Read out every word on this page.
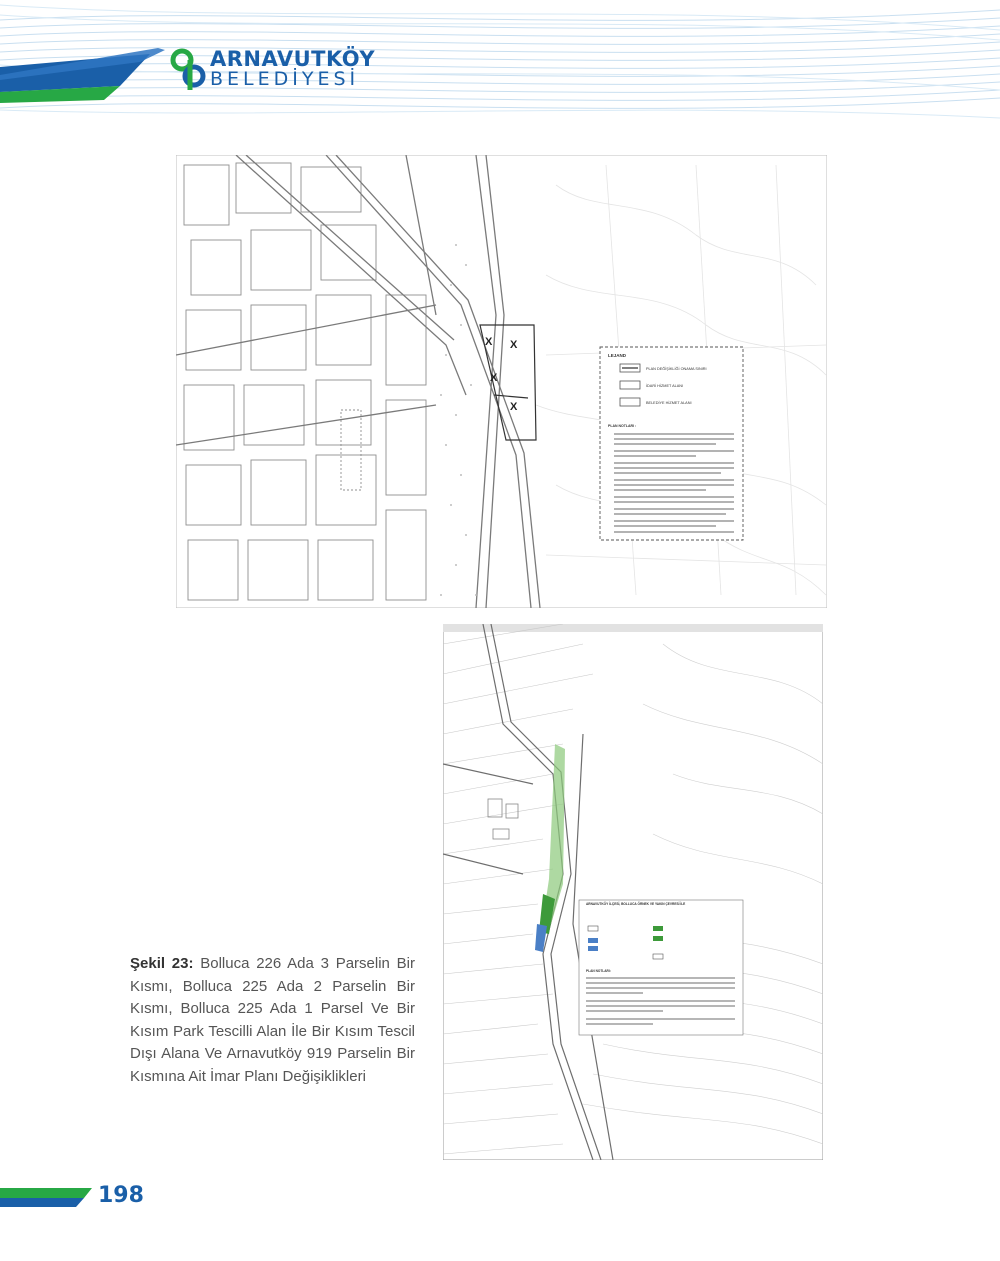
ARNAVUTKÖY
BELEDİYESİ
X X
X
X
LEJAND
PLAN DEĞİŞİKLİĞİ ONAMA SINIRI
İDARİ HİZMET ALANI
BELEDİYE HİZMET ALANI
PLAN NOTLARI :
ARNAVUTKÖY İLÇESİ, BOLLUCA ÖRNEK VE YAKIN ÇEVRESİ İLE
PLAN NOTLARI:
Şekil 23: Bolluca 226 Ada 3 Parselin Bir Kısmı, Bolluca 225 Ada 2 Parselin Bir Kısmı, Bolluca 225 Ada 1 Parsel Ve Bir Kısım Park Tescilli Alan İle Bir Kısım Tescil Dışı Alana Ve Arnavutköy 919 Parselin Bir Kısmına Ait İmar Planı Değişiklikleri
198
